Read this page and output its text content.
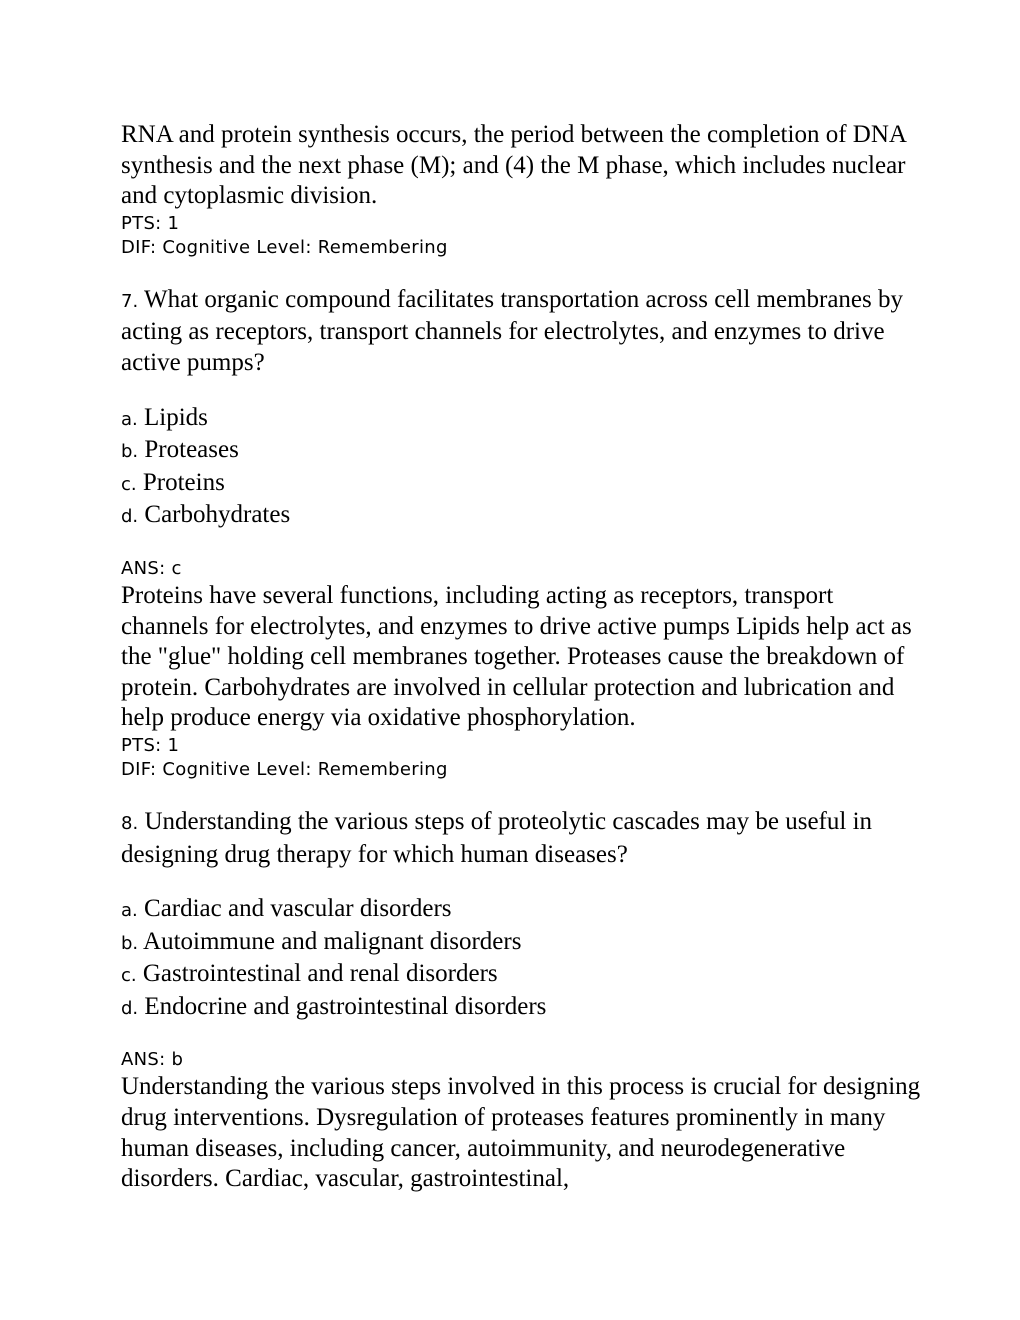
RNA and protein synthesis occurs, the period between the completion of DNA synthesis and the next phase (M); and (4) the M phase, which includes nuclear and cytoplasmic division.

PTS: 1
DIF: Cognitive Level: Remembering

7. What organic compound facilitates transportation across cell membranes by acting as receptors, transport channels for electrolytes, and enzymes to drive active pumps?

a. Lipids

b. Proteases

c. Proteins

d. Carbohydrates

ANS: c

Proteins have several functions, including acting as receptors, transport channels for electrolytes, and enzymes to drive active pumps Lipids help act as the "glue" holding cell membranes together. Proteases cause the breakdown of protein. Carbohydrates are involved in cellular protection and lubrication and help produce energy via oxidative phosphorylation.

PTS: 1
DIF: Cognitive Level: Remembering

8. Understanding the various steps of proteolytic cascades may be useful in designing drug therapy for which human diseases?

a. Cardiac and vascular disorders

b. Autoimmune and malignant disorders

c. Gastrointestinal and renal disorders

d. Endocrine and gastrointestinal disorders

ANS: b

Understanding the various steps involved in this process is crucial for designing drug interventions. Dysregulation of proteases features prominently in many human diseases, including cancer, autoimmunity, and neurodegenerative disorders. Cardiac, vascular, gastrointestinal,
